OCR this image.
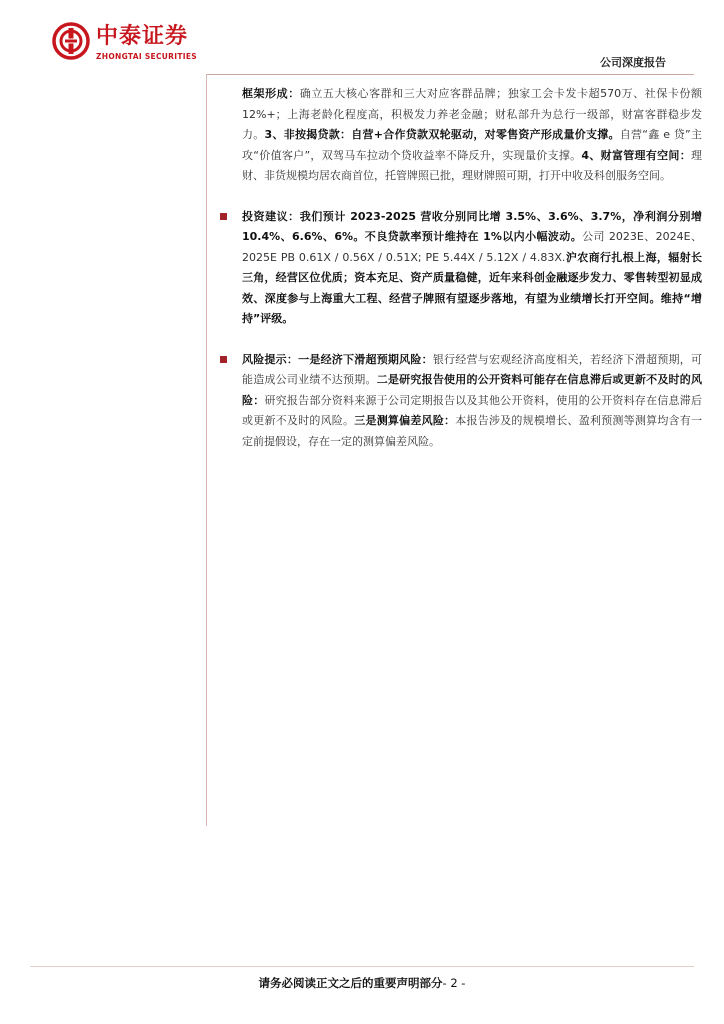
中泰证券
ZHONGTAI SECURITIES	公司深度报告
框架形成：确立五大核心客群和三大对应客群品牌；独家工会卡发卡超570万、社保卡份额 12%+；上海老龄化程度高，积极发力养老金融；财私部升为总行一级部，财富客群稳步发力。3、非按揭贷款：自营+合作贷款双轮驱动，对零售资产形成量价支撑。自营“鑫 e 贷”主攻“价值客户”，双驾马车拉动个贷收益率不降反升，实现量价支撑。4、财富管理有空间：理财、非货规模均居农商首位，托管牌照已批，理财牌照可期，打开中收及科创服务空间。
投资建议：我们预计 2023-2025 营收分别同比增 3.5%、3.6%、3.7%，净利润分别增 10.4%、6.6%、6%。不良贷款率预计维持在 1%以内小幅波动。公司 2023E、2024E、2025E PB 0.61X / 0.56X / 0.51X; PE 5.44X / 5.12X / 4.83X.沪农商行扎根上海，辐射长三角，经营区位优质；资本充足、资产质量稳健，近年来科创金融逐步发力、零售转型初显成效、深度参与上海重大工程、经营子牌照有望逐步落地，有望为业绩增长打开空间。维持“增持”评级。
风险提示：一是经济下滑超预期风险：银行经营与宏观经济高度相关，若经济下滑超预期，可能造成公司业绩不达预期。二是研究报告使用的公开资料可能存在信息滞后或更新不及时的风险：研究报告部分资料来源于公司定期报告以及其他公开资料，使用的公开资料存在信息滞后或更新不及时的风险。三是测算偏差风险：本报告涉及的规模增长、盈利预测等测算均含有一定前提假设，存在一定的测算偏差风险。
请务必阅读正文之后的重要声明部分- 2 -
